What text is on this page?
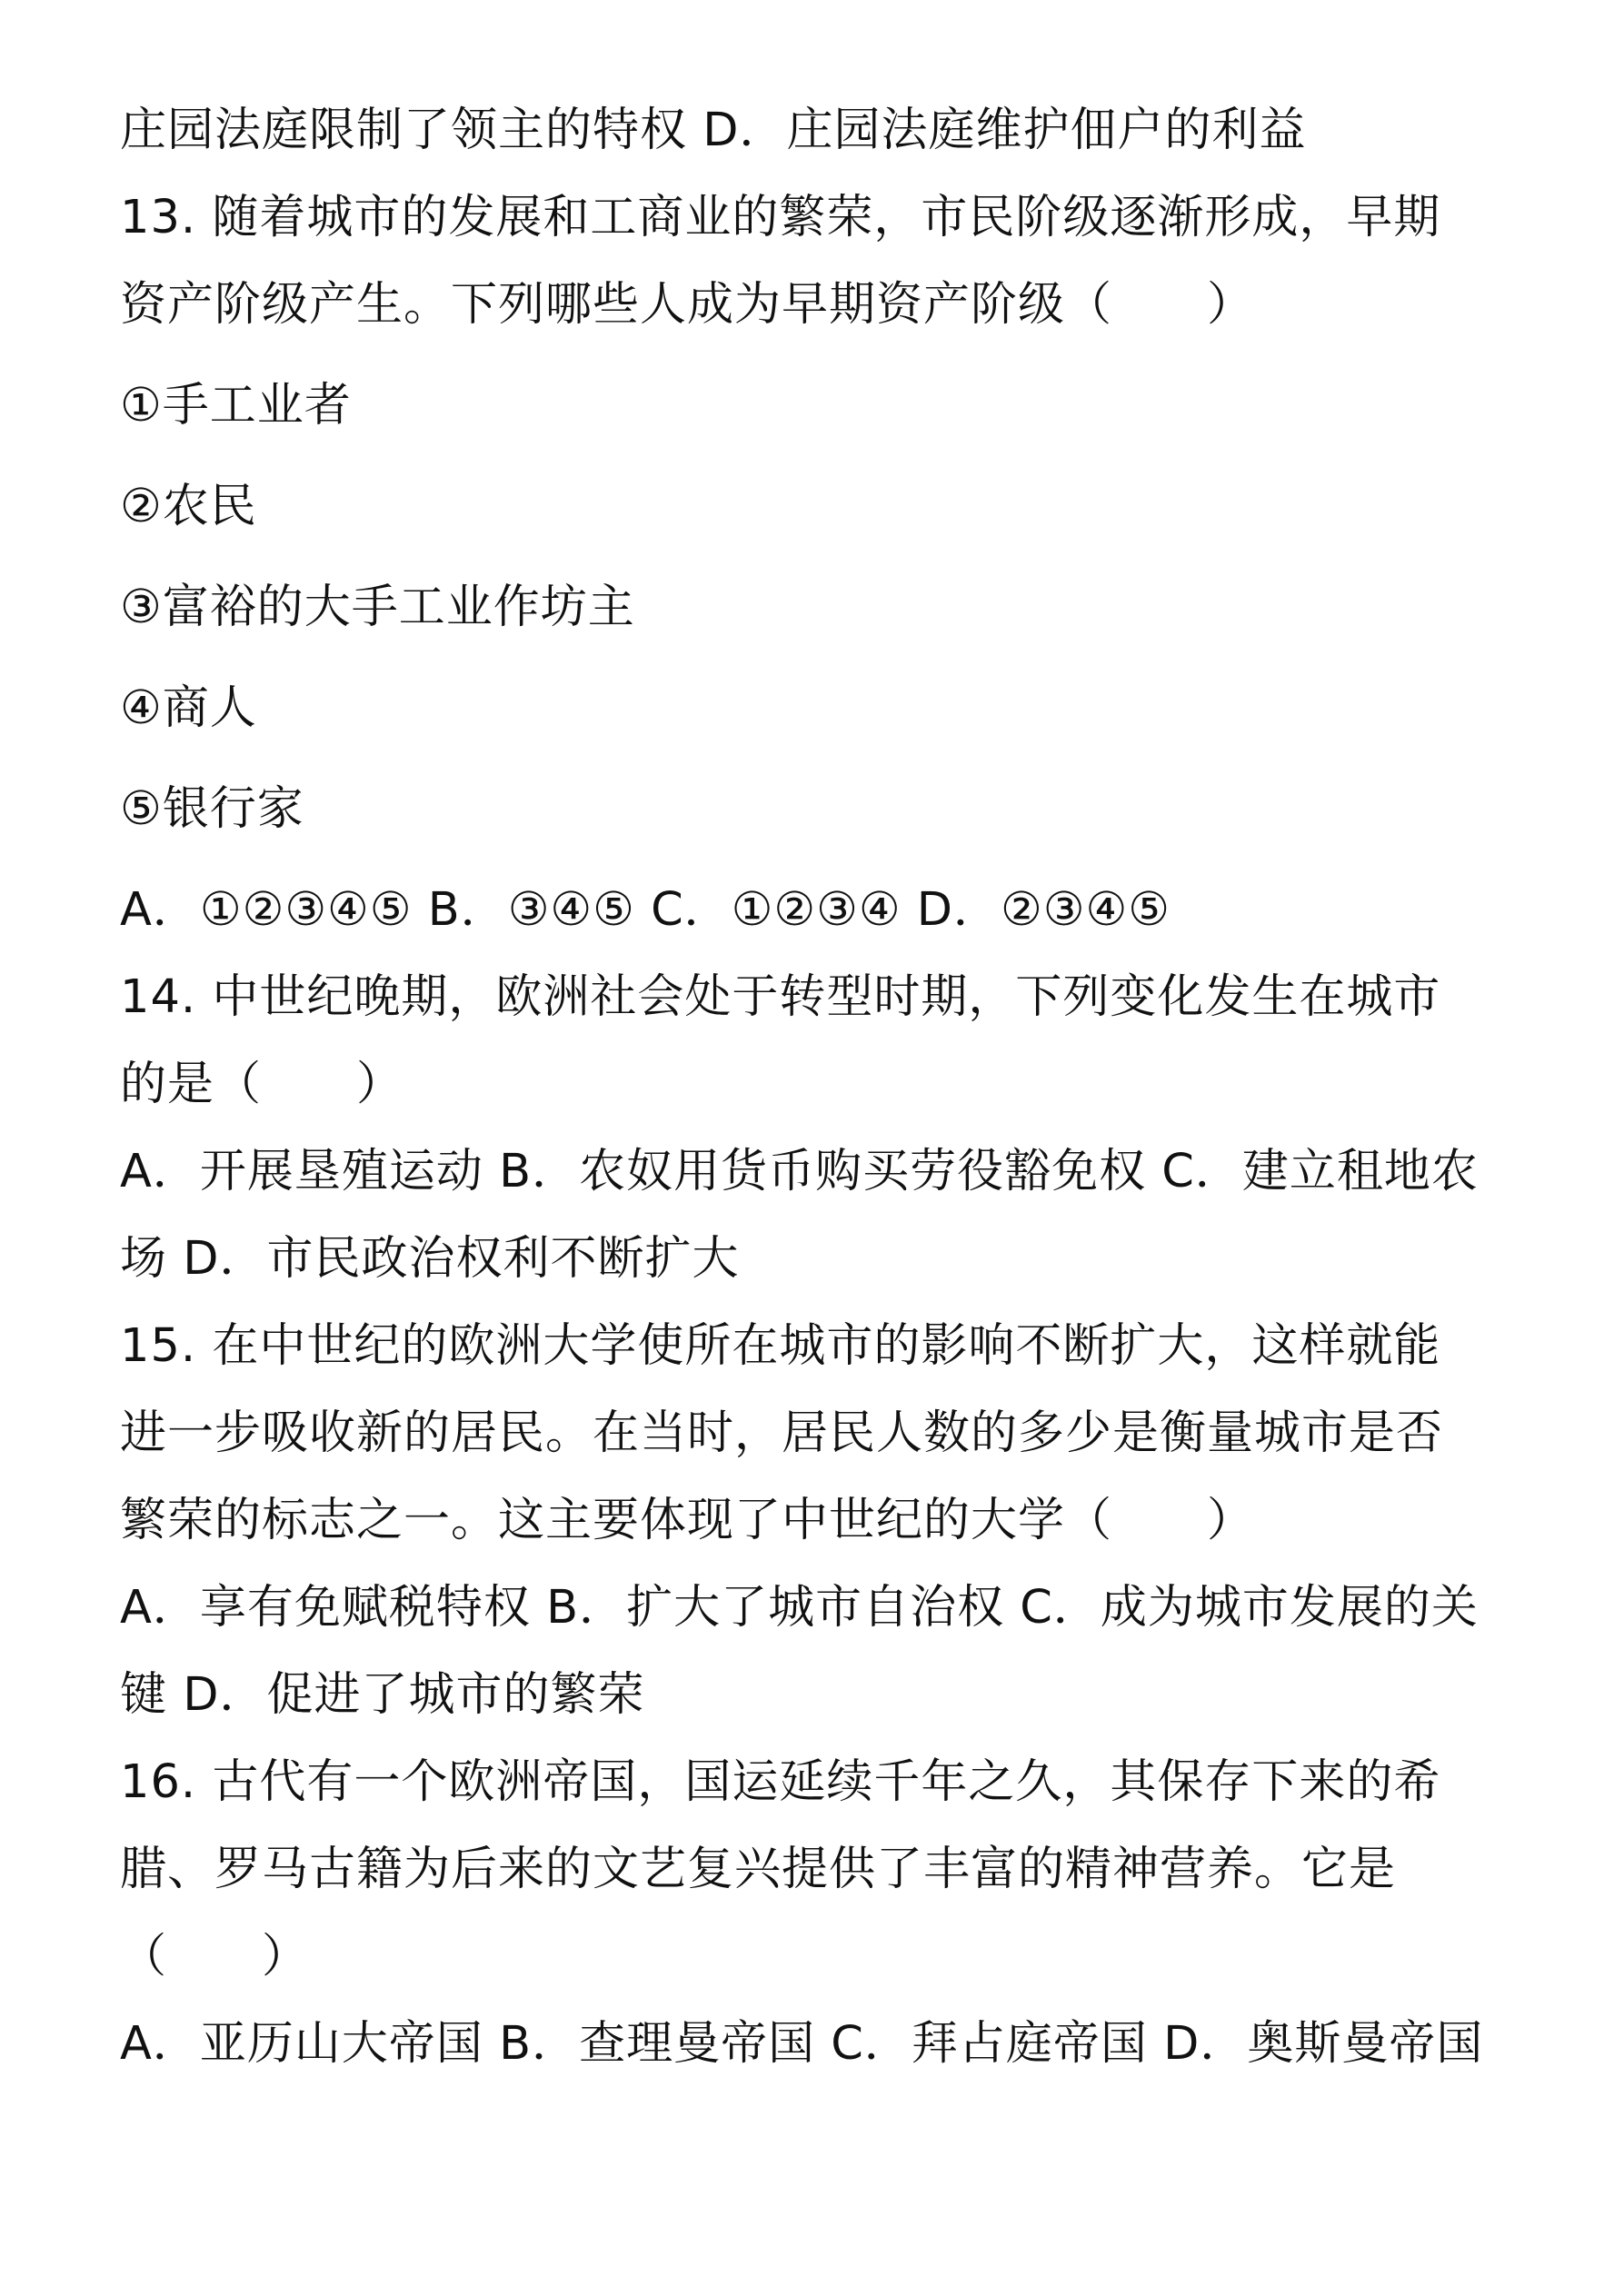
庄园法庭限制了领主的特权 D．庄园法庭维护佃户的利益
13. 随着城市的发展和工商业的繁荣，市民阶级逐渐形成，早期
资产阶级产生。下列哪些人成为早期资产阶级（　　）
①手工业者
②农民
③富裕的大手工业作坊主
④商人
⑤银行家
A．①②③④⑤ B．③④⑤ C．①②③④ D．②③④⑤
14. 中世纪晚期，欧洲社会处于转型时期，下列变化发生在城市
的是（　　）
A．开展垦殖运动 B．农奴用货币购买劳役豁免权 C．建立租地农
场 D．市民政治权利不断扩大
15. 在中世纪的欧洲大学使所在城市的影响不断扩大，这样就能
进一步吸收新的居民。在当时，居民人数的多少是衡量城市是否
繁荣的标志之一。这主要体现了中世纪的大学（　　）
A．享有免赋税特权 B．扩大了城市自治权 C．成为城市发展的关
键 D．促进了城市的繁荣
16. 古代有一个欧洲帝国，国运延续千年之久，其保存下来的希
腊、罗马古籍为后来的文艺复兴提供了丰富的精神营养。它是
（　　）
A．亚历山大帝国 B．查理曼帝国 C．拜占庭帝国 D．奥斯曼帝国
